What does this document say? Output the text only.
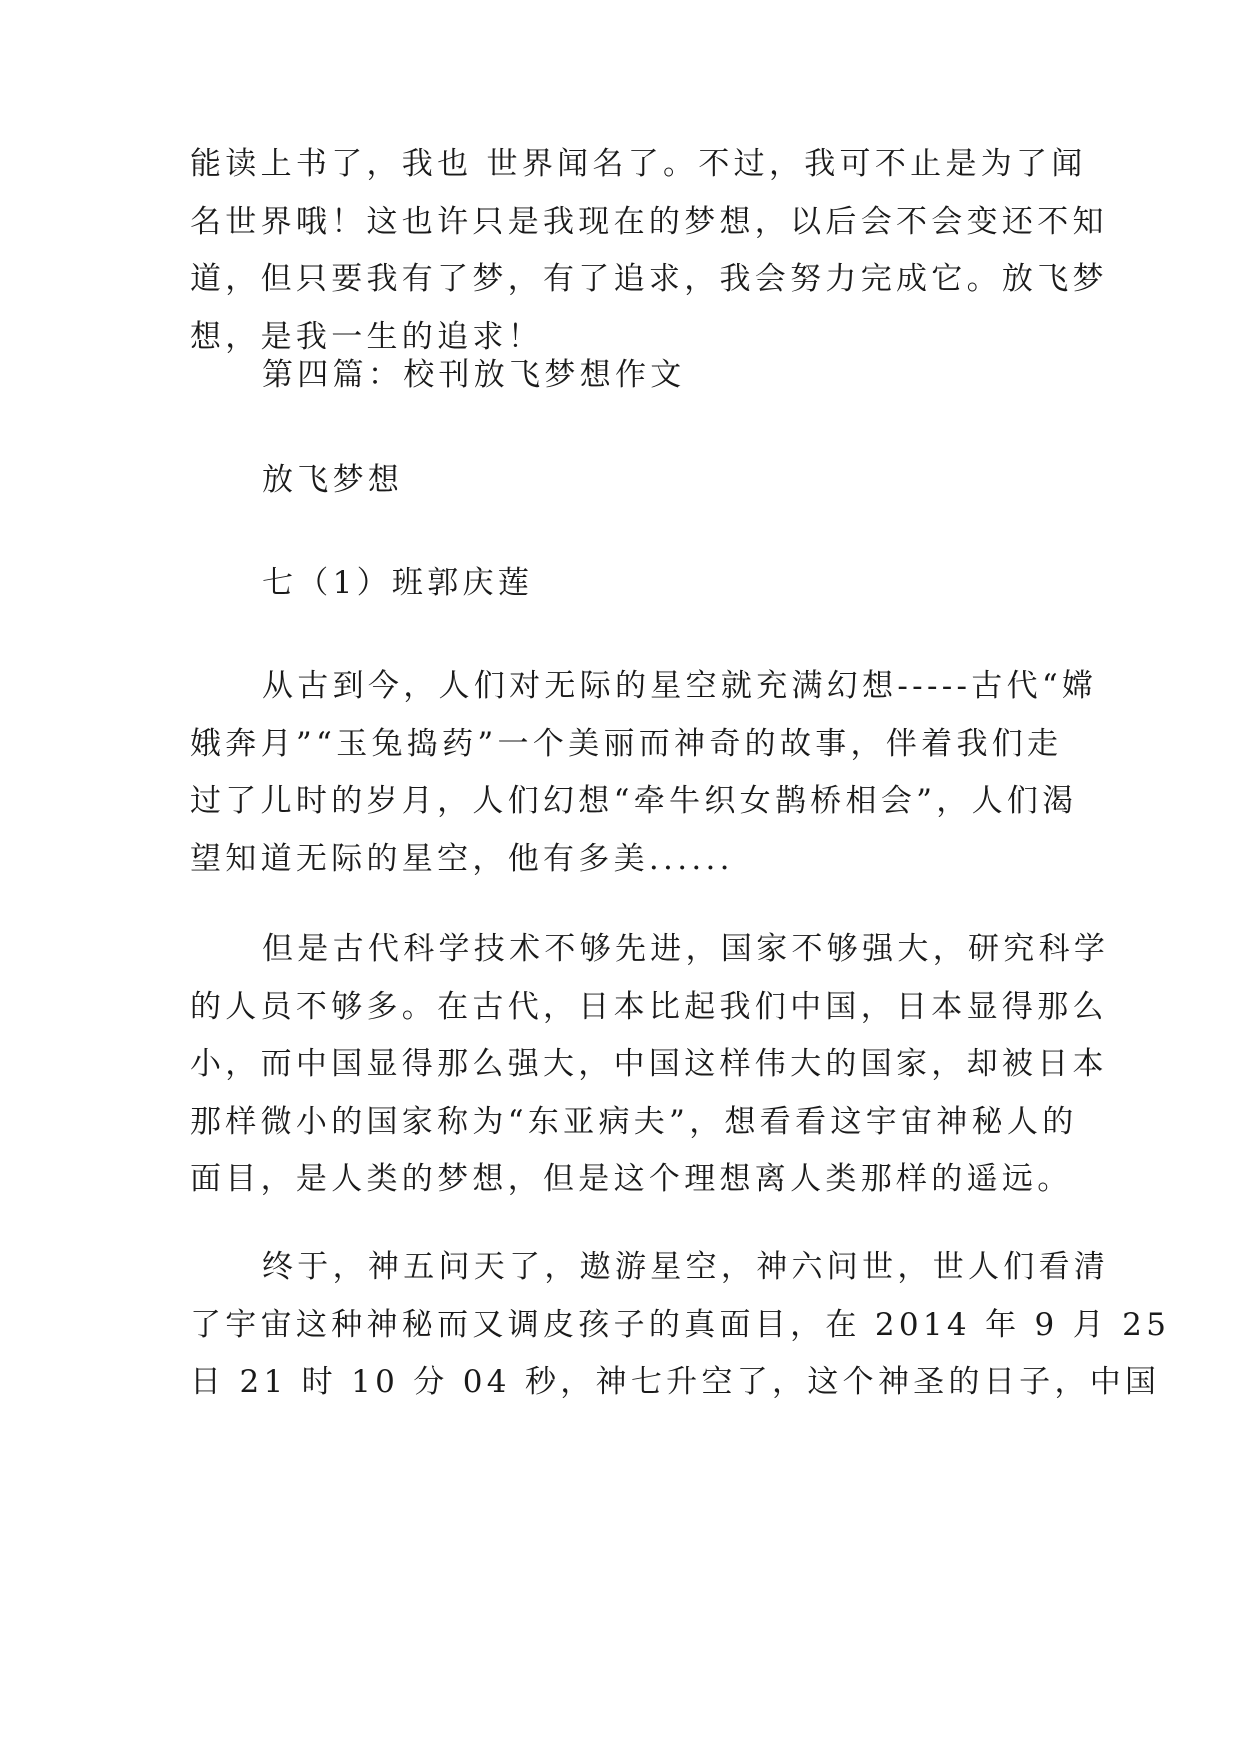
能读上书了，我也 世界闻名了。不过，我可不止是为了闻
名世界哦！这也许只是我现在的梦想，以后会不会变还不知
道，但只要我有了梦，有了追求，我会努力完成它。放飞梦
想，是我一生的追求！
第四篇：校刊放飞梦想作文
放飞梦想
七（1）班郭庆莲
从古到今，人们对无际的星空就充满幻想-----古代“嫦
娥奔月”“玉兔捣药”一个美丽而神奇的故事，伴着我们走
过了儿时的岁月，人们幻想“牵牛织女鹊桥相会”，人们渴
望知道无际的星空，他有多美......
但是古代科学技术不够先进，国家不够强大，研究科学
的人员不够多。在古代，日本比起我们中国，日本显得那么
小，而中国显得那么强大，中国这样伟大的国家，却被日本
那样微小的国家称为“东亚病夫”，想看看这宇宙神秘人的
面目，是人类的梦想，但是这个理想离人类那样的遥远。
终于，神五问天了，遨游星空，神六问世，世人们看清
了宇宙这种神秘而又调皮孩子的真面目，在 2014 年 9 月 25
日 21 时 10 分 04 秒，神七升空了，这个神圣的日子，中国
